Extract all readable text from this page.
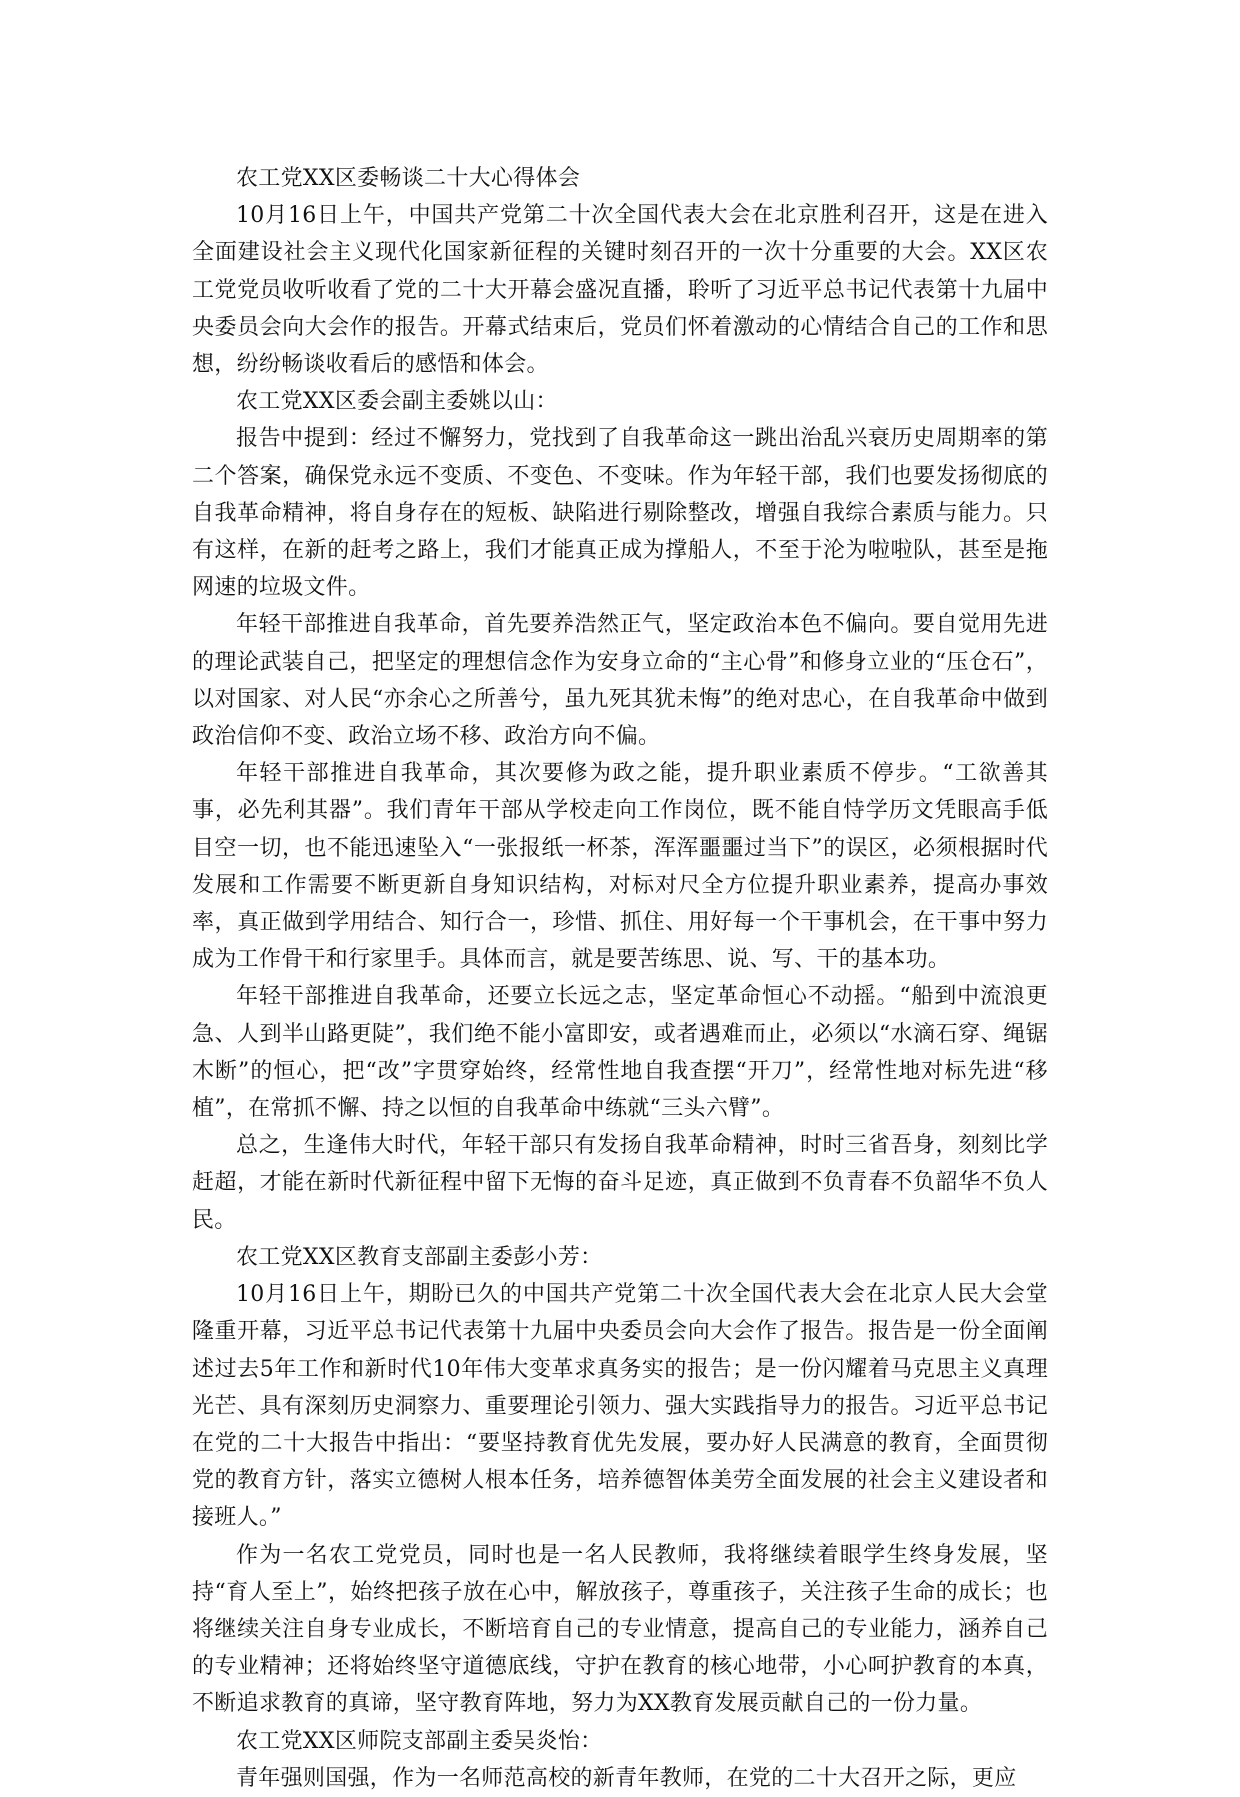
农工党XX区委畅谈二十大心得体会

10月16日上午，中国共产党第二十次全国代表大会在北京胜利召开，这是在进入全面建设社会主义现代化国家新征程的关键时刻召开的一次十分重要的大会。XX区农工党党员收听收看了党的二十大开幕会盛况直播，聆听了习近平总书记代表第十九届中央委员会向大会作的报告。开幕式结束后，党员们怀着激动的心情结合自己的工作和思想，纷纷畅谈收看后的感悟和体会。

农工党XX区委会副主委姚以山：

报告中提到：经过不懈努力，党找到了自我革命这一跳出治乱兴衰历史周期率的第二个答案，确保党永远不变质、不变色、不变味。作为年轻干部，我们也要发扬彻底的自我革命精神，将自身存在的短板、缺陷进行剔除整改，增强自我综合素质与能力。只有这样，在新的赶考之路上，我们才能真正成为撑船人，不至于沦为啦啦队，甚至是拖网速的垃圾文件。

年轻干部推进自我革命，首先要养浩然正气，坚定政治本色不偏向。要自觉用先进的理论武装自己，把坚定的理想信念作为安身立命的“主心骨”和修身立业的“压仓石”，以对国家、对人民“亦余心之所善兮，虽九死其犹未悔”的绝对忠心，在自我革命中做到政治信仰不变、政治立场不移、政治方向不偏。

年轻干部推进自我革命，其次要修为政之能，提升职业素质不停步。“工欲善其事，必先利其器”。我们青年干部从学校走向工作岗位，既不能自恃学历文凭眼高手低目空一切，也不能迅速坠入“一张报纸一杯茶，浑浑噩噩过当下”的误区，必须根据时代发展和工作需要不断更新自身知识结构，对标对尺全方位提升职业素养，提高办事效率，真正做到学用结合、知行合一，珍惜、抓住、用好每一个干事机会，在干事中努力成为工作骨干和行家里手。具体而言，就是要苦练思、说、写、干的基本功。

年轻干部推进自我革命，还要立长远之志，坚定革命恒心不动摇。“船到中流浪更急、人到半山路更陡”，我们绝不能小富即安，或者遇难而止，必须以“水滴石穿、绳锯木断”的恒心，把“改”字贯穿始终，经常性地自我查摆“开刀”，经常性地对标先进“移植”，在常抓不懈、持之以恒的自我革命中练就“三头六臂”。

总之，生逢伟大时代，年轻干部只有发扬自我革命精神，时时三省吾身，刻刻比学赶超，才能在新时代新征程中留下无悔的奋斗足迹，真正做到不负青春不负韶华不负人民。

农工党XX区教育支部副主委彭小芳：

10月16日上午，期盼已久的中国共产党第二十次全国代表大会在北京人民大会堂隆重开幕，习近平总书记代表第十九届中央委员会向大会作了报告。报告是一份全面阐述过去5年工作和新时代10年伟大变革求真务实的报告；是一份闪耀着马克思主义真理光芒、具有深刻历史洞察力、重要理论引领力、强大实践指导力的报告。习近平总书记在党的二十大报告中指出：“要坚持教育优先发展，要办好人民满意的教育，全面贯彻党的教育方针，落实立德树人根本任务，培养德智体美劳全面发展的社会主义建设者和接班人。”

作为一名农工党党员，同时也是一名人民教师，我将继续着眼学生终身发展，坚持“育人至上”，始终把孩子放在心中，解放孩子，尊重孩子，关注孩子生命的成长；也将继续关注自身专业成长，不断培育自己的专业情意，提高自己的专业能力，涵养自己的专业精神；还将始终坚守道德底线，守护在教育的核心地带，小心呵护教育的本真，不断追求教育的真谛，坚守教育阵地，努力为XX教育发展贡献自己的一份力量。

农工党XX区师院支部副主委吴炎怡：

青年强则国强，作为一名师范高校的新青年教师，在党的二十大召开之际，更应
